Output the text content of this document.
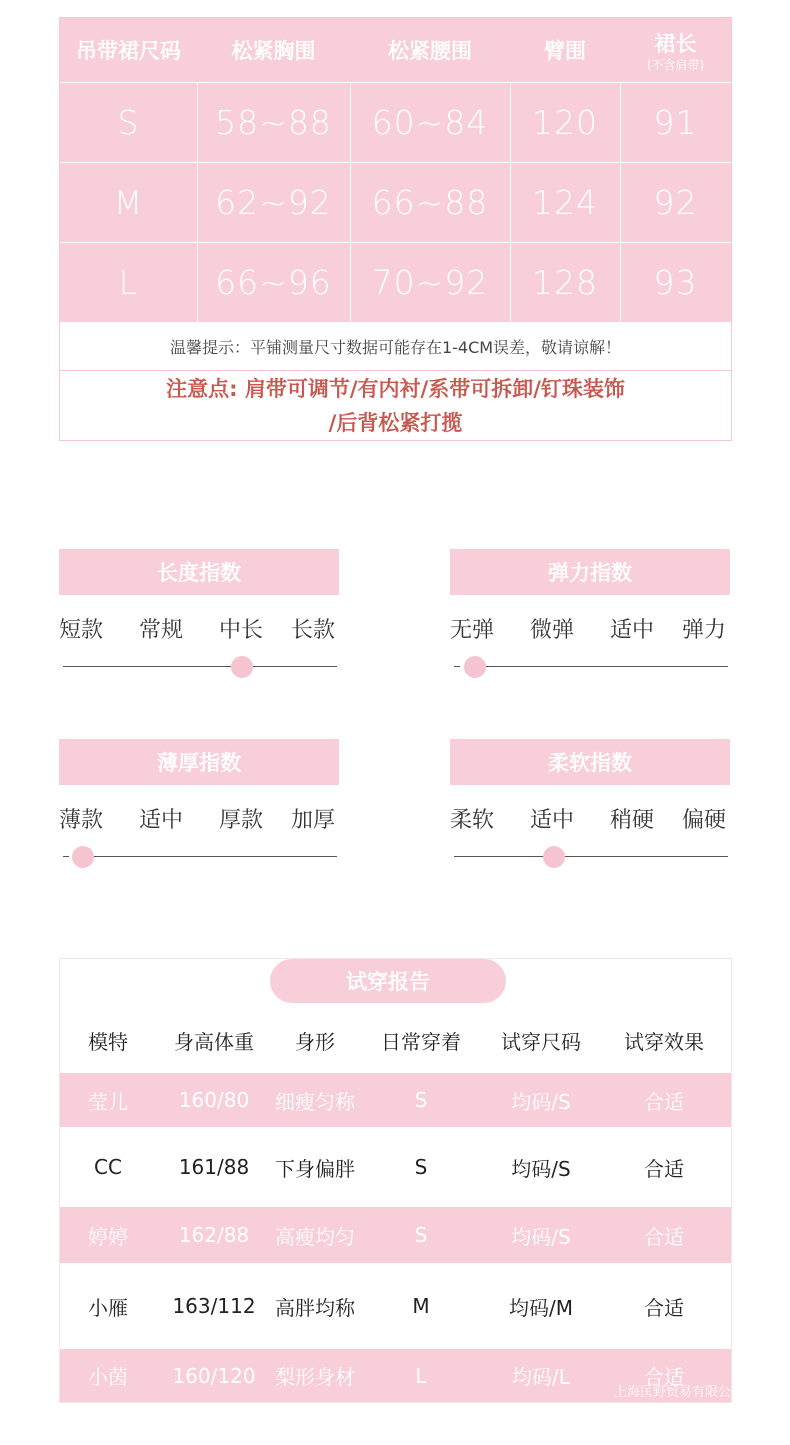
吊带裙尺码 松紧胸围	松紧腰围	臂围	裙长
(不含肩带)
S	58~88	60~84	120	91
M	62~92	66~88	124	92
L	66~96	70~92	128	93
温馨提示：平铺测量尺寸数据可能存在1-4CM误差，敬请谅解！
注意点: 肩带可调节/有内衬/系带可拆卸/钉珠装饰
/后背松紧打揽
长度指数
短款 常规 中长 长款
弹力指数
无弹 微弹 适中 弹力
薄厚指数
薄款 适中 厚款 加厚
柔软指数
柔软 适中 稍硬 偏硬
试穿报告
模特	身高体重	身形	日常穿着	试穿尺码	试穿效果
莹儿	160/80	细瘦匀称	S	均码/S	合适
CC	161/88	下身偏胖	S	均码/S	合适
婷婷	162/88	高瘦均匀	S	均码/S	合适
小雁	163/112 高胖均称	M	均码/M	合适
小茵	160/120 梨形身材	L	均码/L	合适
上海匡野贸易有限公
